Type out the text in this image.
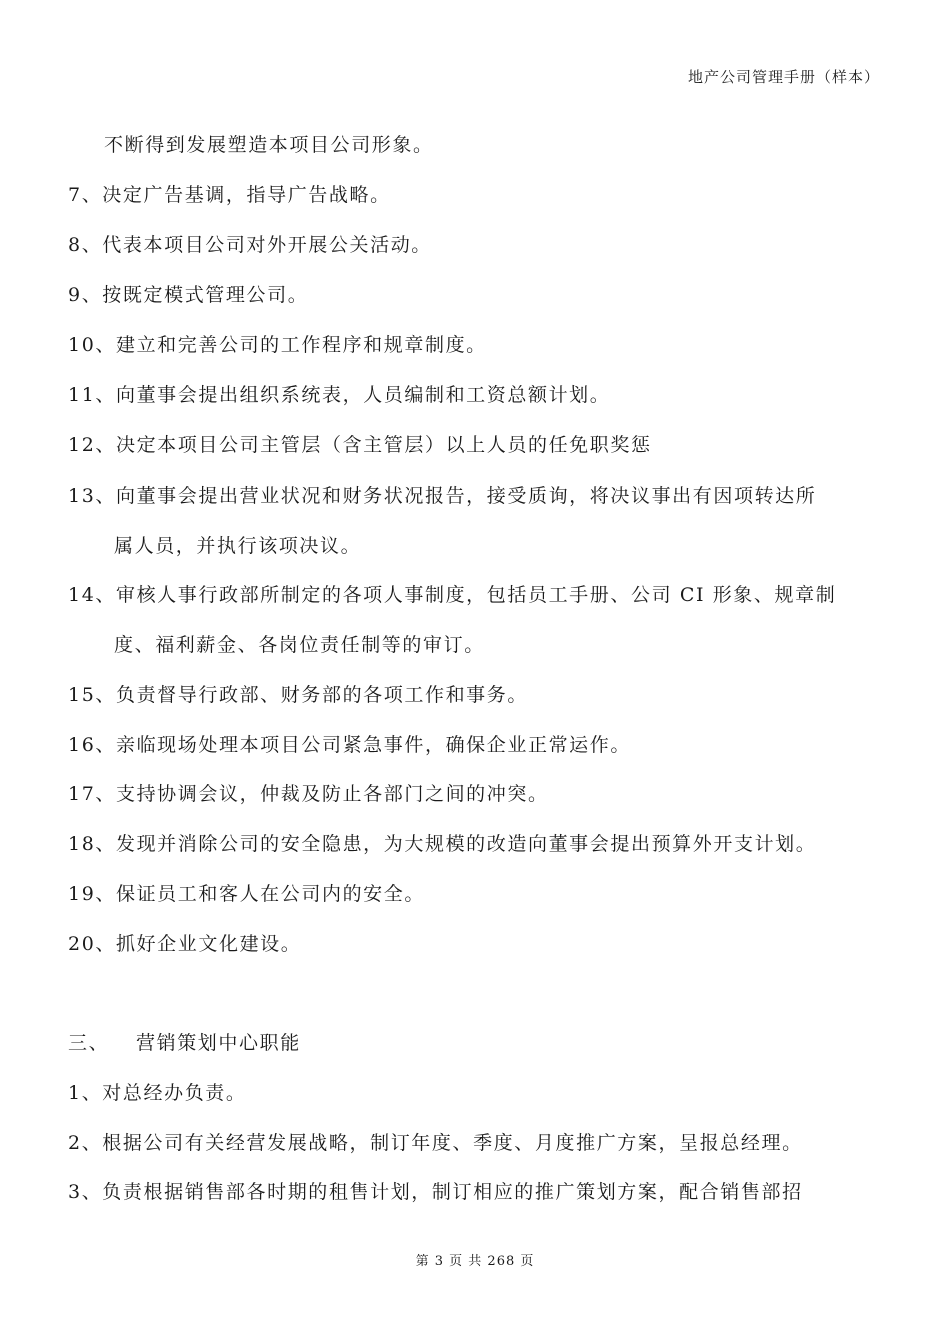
地产公司管理手册（样本）
不断得到发展塑造本项目公司形象。
7、决定广告基调，指导广告战略。
8、代表本项目公司对外开展公关活动。
9、按既定模式管理公司。
10、建立和完善公司的工作程序和规章制度。
11、向董事会提出组织系统表，人员编制和工资总额计划。
12、决定本项目公司主管层（含主管层）以上人员的任免职奖惩
13、向董事会提出营业状况和财务状况报告，接受质询，将决议事出有因项转达所
属人员，并执行该项决议。
14、审核人事行政部所制定的各项人事制度，包括员工手册、公司 CI 形象、规章制
度、福利薪金、各岗位责任制等的审订。
15、负责督导行政部、财务部的各项工作和事务。
16、亲临现场处理本项目公司紧急事件，确保企业正常运作。
17、支持协调会议，仲裁及防止各部门之间的冲突。
18、发现并消除公司的安全隐患，为大规模的改造向董事会提出预算外开支计划。
19、保证员工和客人在公司内的安全。
20、抓好企业文化建设。
三、 营销策划中心职能
1、对总经办负责。
2、根据公司有关经营发展战略，制订年度、季度、月度推广方案，呈报总经理。
3、负责根据销售部各时期的租售计划，制订相应的推广策划方案，配合销售部招
第 3 页 共 268 页
